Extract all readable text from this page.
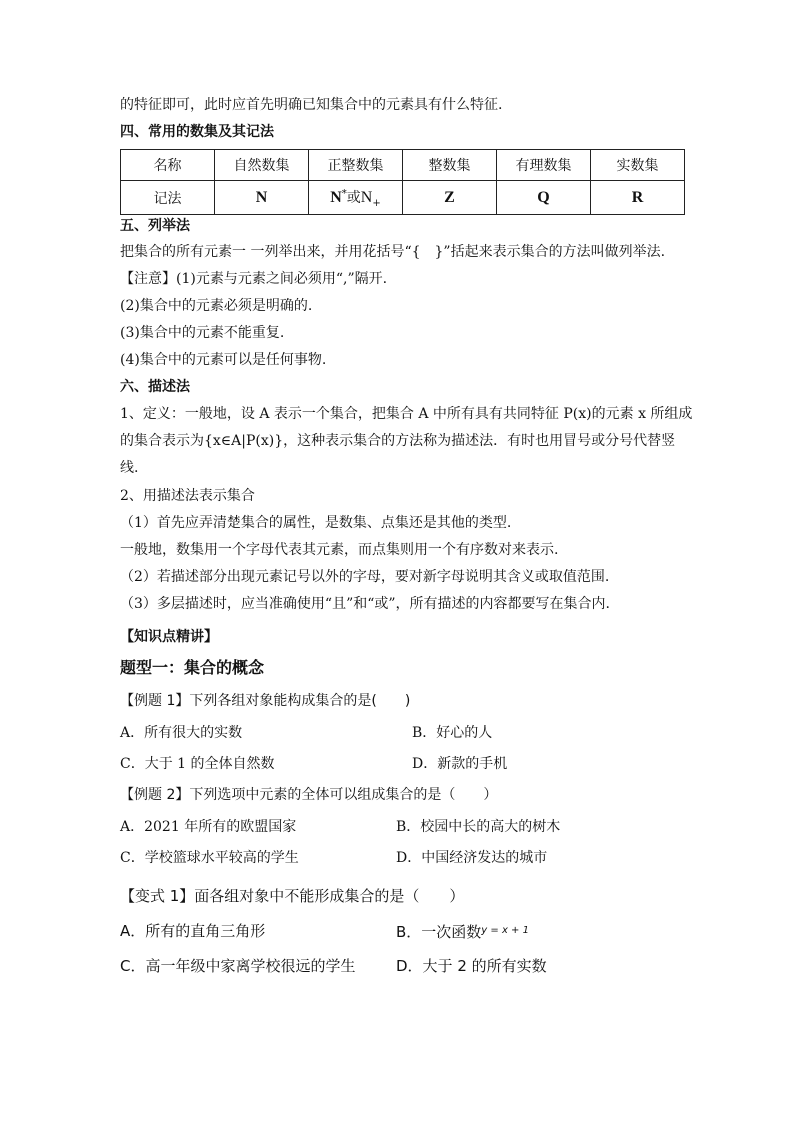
的特征即可，此时应首先明确已知集合中的元素具有什么特征.
四、常用的数集及其记法
名称	自然数集	正整数集	整数集	有理数集	实数集
记法	N	N*或$N_+$	Z	Q	R
五、列举法
把集合的所有元素一 一列举出来，并用花括号“{　}”括起来表示集合的方法叫做列举法.
【注意】(1)元素与元素之间必须用“,”隔开.
(2)集合中的元素必须是明确的.
(3)集合中的元素不能重复.
(4)集合中的元素可以是任何事物.
六、描述法
1、定义：一般地，设 A 表示一个集合，把集合 A 中所有具有共同特征 P(x)的元素 x 所组成
的集合表示为{x∈A|P(x)}，这种表示集合的方法称为描述法．有时也用冒号或分号代替竖
线.
2、用描述法表示集合
（1）首先应弄清楚集合的属性，是数集、点集还是其他的类型.
一般地，数集用一个字母代表其元素，而点集则用一个有序数对来表示.
（2）若描述部分出现元素记号以外的字母，要对新字母说明其含义或取值范围.
（3）多层描述时，应当准确使用“且”和“或”，所有描述的内容都要写在集合内.
【知识点精讲】
题型一：集合的概念
【例题 1】下列各组对象能构成集合的是(　　)
A．所有很大的实数	B．好心的人
C．大于 1 的全体自然数	D．新款的手机
【例题 2】下列选项中元素的全体可以组成集合的是（　　）
A．2021 年所有的欧盟国家	B．校园中长的高大的树木
C．学校篮球水平较高的学生	D．中国经济发达的城市
【变式 1】面各组对象中不能形成集合的是（　　）
A．所有的直角三角形	B．一次函数$^{y = x + 1}$
C．高一年级中家离学校很远的学生	D．大于 2 的所有实数
